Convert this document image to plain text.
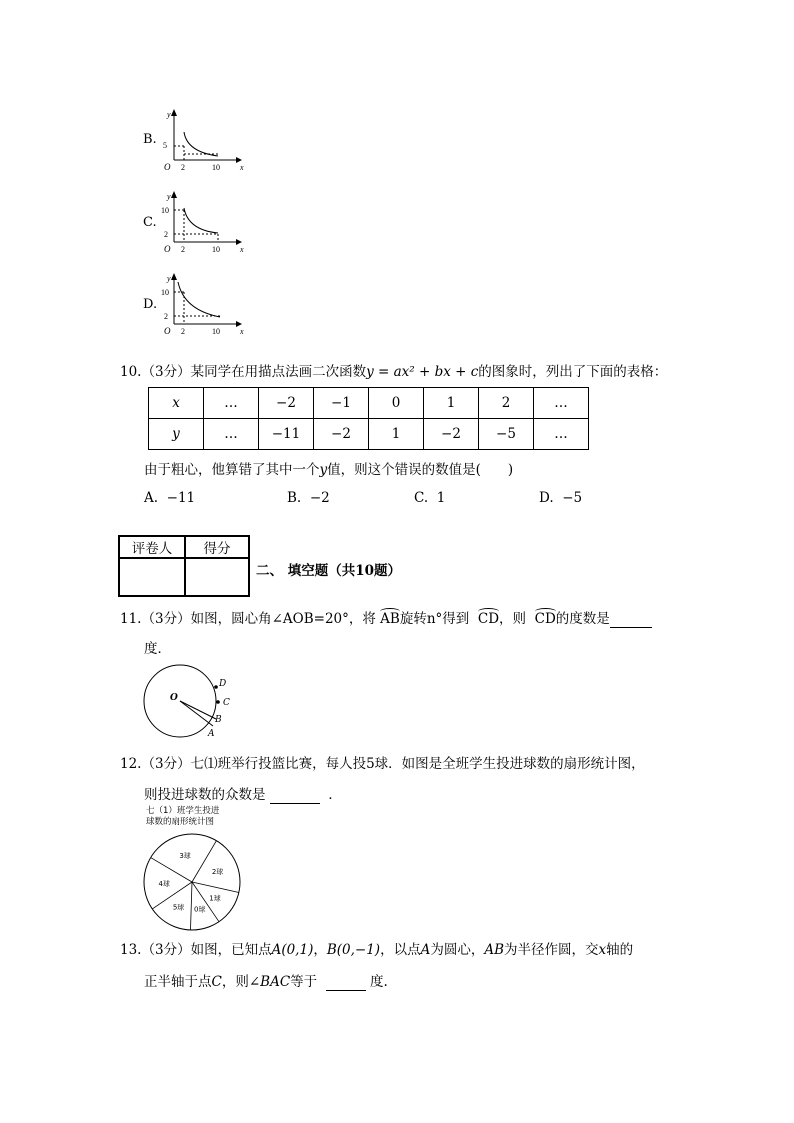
B.
y
x
5
O 2	10
C.
y
x
10
2
O 2	10
D.
y
x
10
2
O 2	10
10.（3分）某同学在用描点法画二次函数y = ax² + bx + c的图象时，列出了下面的表格：
x	…	−2	−1	0	1	2	…
y	…	−11	−2	1	−2	−5	…
由于粗心，他算错了其中一个y值，则这个错误的数值是(　　)
A. −11	B. −2	C. 1	D. −5
评卷人	得分

二、 填空题（共10题）
11.（3分）如图，圆心角∠AOB=20°，将 AB旋转n°得到 CD，则 CD的度数是
度．
O
D
C
B
A
12.（3分）七⑴班举行投篮比赛，每人投5球．如图是全班学生投进球数的扇形统计图，
则投进球数的众数是	．
七（1）班学生投进
球数的扇形统计图
3球
2球
1球
0球
5球
4球
13.（3分）如图，已知点A(0,1)，B(0,−1)，以点A为圆心，AB为半径作圆，交x轴的
正半轴于点C，则∠BAC等于	度.
